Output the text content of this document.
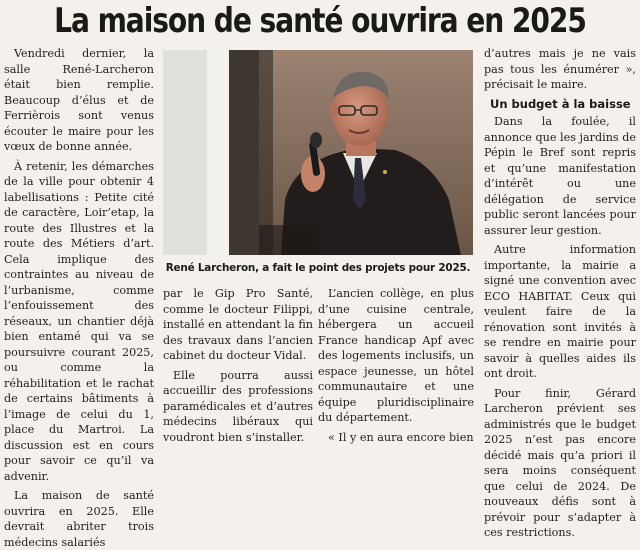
La maison de santé ouvrira en 2025

Vendredi dernier, la salle René-Larcheron était bien remplie. Beaucoup d’élus et de Ferrièrois sont venus écouter le maire pour les vœux de bonne année.

À retenir, les démarches de la ville pour obtenir 4 labellisations : Petite cité de caractère, Loir’etap, la route des Illustres et la route des Métiers d’art. Cela implique des contraintes au niveau de l’urbanisme, comme l’enfouissement des réseaux, un chantier déjà bien entamé qui va se poursuivre courant 2025, ou comme la réhabilitation et le rachat de certains bâtiments à l’image de celui du 1, place du Martroi. La discussion est en cours pour savoir ce qu’il va advenir.

La maison de santé ouvrira en 2025. Elle devrait abriter trois médecins salariés

René Larcheron, a fait le point des projets pour 2025.

par le Gip Pro Santé, comme le docteur Filippi, installé en attendant la fin des travaux dans l’ancien cabinet du docteur Vidal.

Elle pourra aussi accueillir des professions paramédicales et d’autres médecins libéraux qui voudront bien s’installer.

L’ancien collège, en plus d’une cuisine centrale, hébergera un accueil France handicap Apf avec des logements inclusifs, un espace jeunesse, un hôtel communautaire et une équipe pluridisciplinaire du département.

« Il y en aura encore bien

d’autres mais je ne vais pas tous les énumérer », précisait le maire.

Un budget à la baisse

Dans la foulée, il annonce que les jardins de Pépin le Bref sont repris et qu’une manifestation d’intérêt ou une délégation de service public seront lancées pour assurer leur gestion.

Autre information importante, la mairie a signé une convention avec ECO HABITAT. Ceux qui veulent faire de la rénovation sont invités à se rendre en mairie pour savoir à quelles aides ils ont droit.

Pour finir, Gérard Larcheron prévient ses administrés que le budget 2025 n’est pas encore décidé mais qu’a priori il sera moins conséquent que celui de 2024. De nouveaux défis sont à prévoir pour s’adapter à ces restrictions.
